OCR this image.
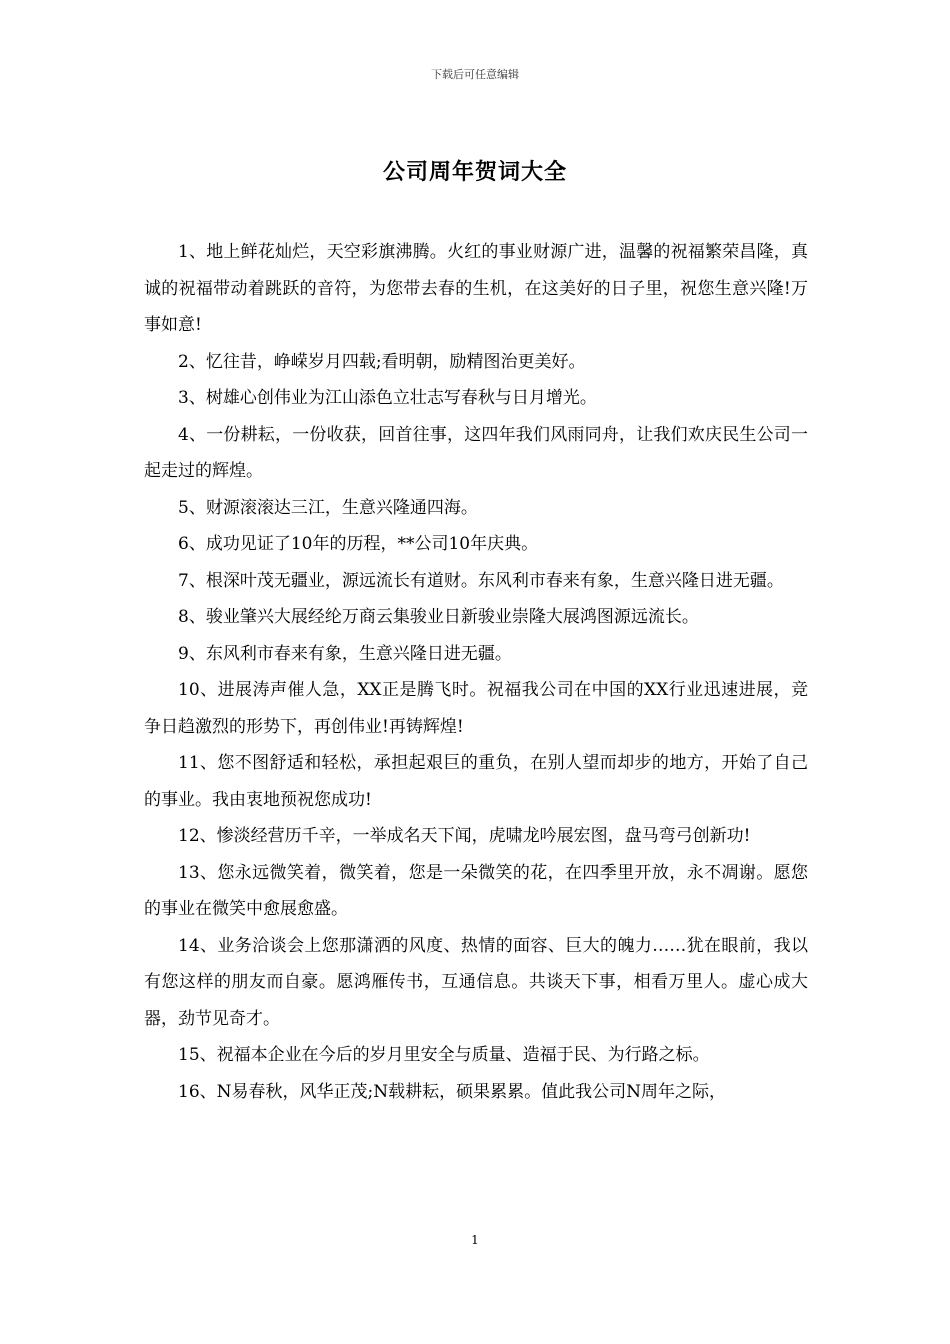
下载后可任意编辑
公司周年贺词大全

1、地上鲜花灿烂，天空彩旗沸腾。火红的事业财源广进，温馨的祝福繁荣昌隆，真诚的祝福带动着跳跃的音符，为您带去春的生机，在这美好的日子里，祝您生意兴隆!万事如意!

2、忆往昔，峥嵘岁月四载;看明朝，励精图治更美好。

3、树雄心创伟业为江山添色立壮志写春秋与日月增光。

4、一份耕耘，一份收获，回首往事，这四年我们风雨同舟，让我们欢庆民生公司一起走过的辉煌。

5、财源滚滚达三江，生意兴隆通四海。

6、成功见证了10年的历程，**公司10年庆典。

7、根深叶茂无疆业，源远流长有道财。东风利市春来有象，生意兴隆日进无疆。

8、骏业肇兴大展经纶万商云集骏业日新骏业崇隆大展鸿图源远流长。

9、东风利市春来有象，生意兴隆日进无疆。

10、进展涛声催人急，XX正是腾飞时。祝福我公司在中国的XX行业迅速进展，竞争日趋激烈的形势下，再创伟业!再铸辉煌!

11、您不图舒适和轻松，承担起艰巨的重负，在别人望而却步的地方，开始了自己的事业。我由衷地预祝您成功!

12、惨淡经营历千辛，一举成名天下闻，虎啸龙吟展宏图，盘马弯弓创新功!

13、您永远微笑着，微笑着，您是一朵微笑的花，在四季里开放，永不凋谢。愿您的事业在微笑中愈展愈盛。

14、业务洽谈会上您那潇洒的风度、热情的面容、巨大的魄力……犹在眼前，我以有您这样的朋友而自豪。愿鸿雁传书，互通信息。共谈天下事，相看万里人。虚心成大器，劲节见奇才。

15、祝福本企业在今后的岁月里安全与质量、造福于民、为行路之标。

16、N易春秋，风华正茂;N载耕耘，硕果累累。值此我公司N周年之际，

1
